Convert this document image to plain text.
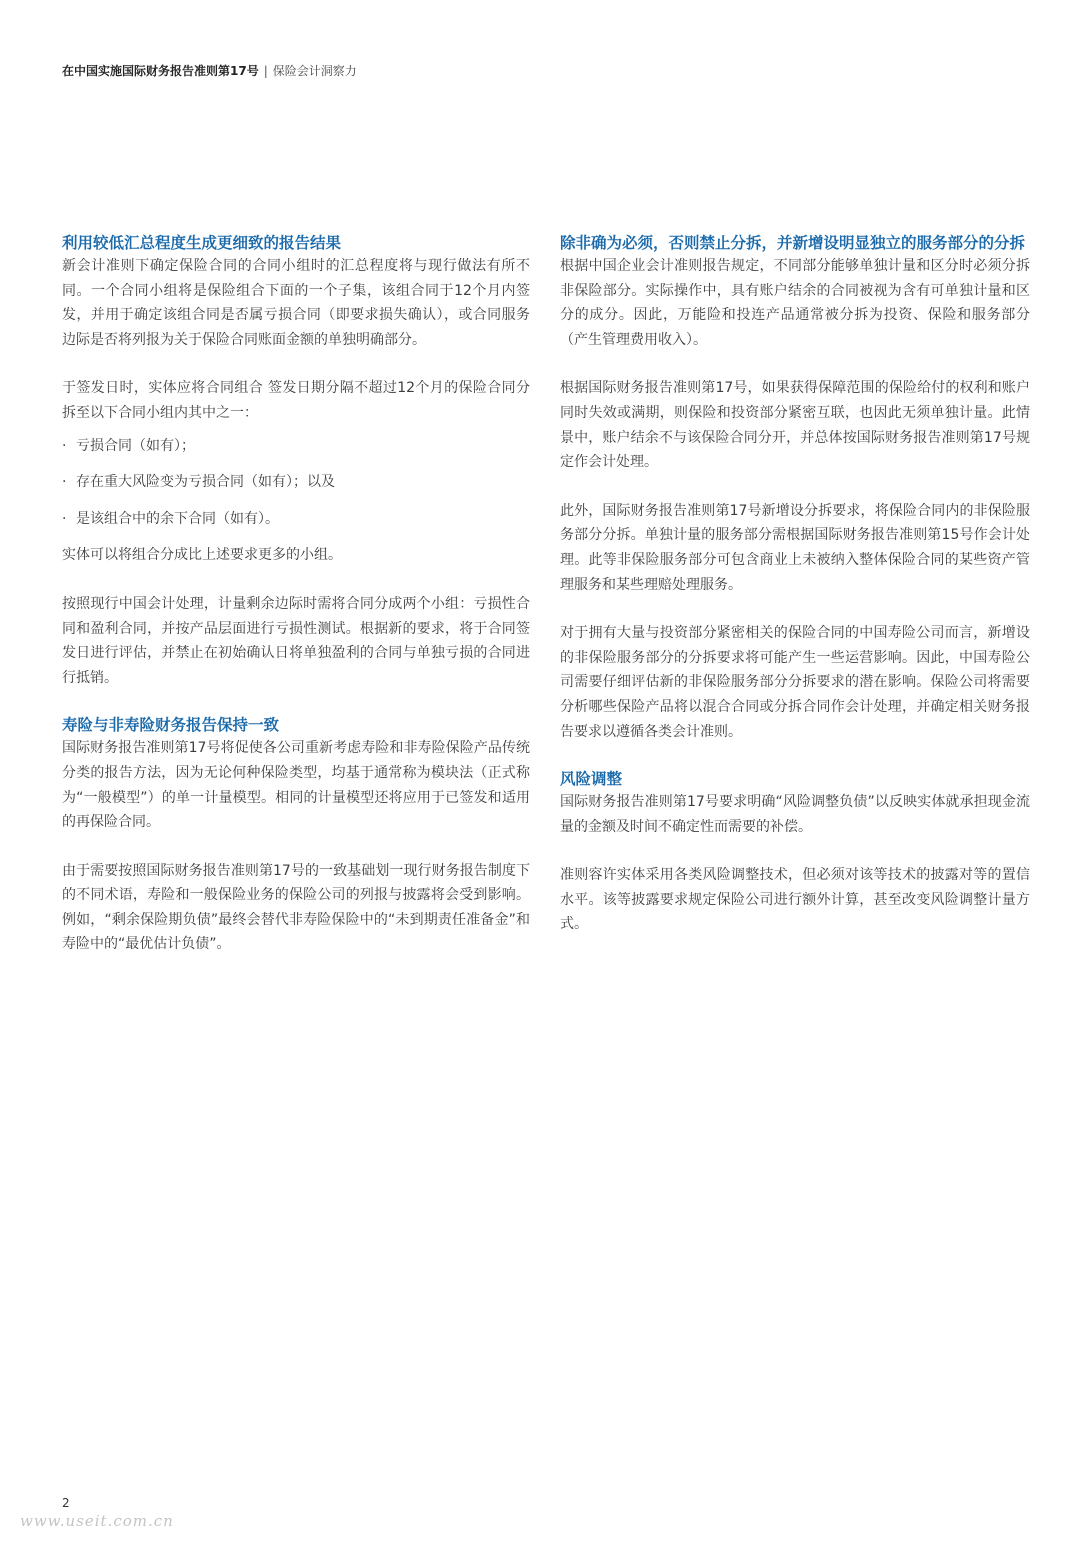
在中国实施国际财务报告准则第17号 | 保险会计洞察力
利用较低汇总程度生成更细致的报告结果

新会计准则下确定保险合同的合同小组时的汇总程度将与现行做法有所不同。一个合同小组将是保险组合下面的一个子集，该组合同于12个月内签发，并用于确定该组合同是否属亏损合同（即要求损失确认），或合同服务边际是否将列报为关于保险合同账面金额的单独明确部分。

于签发日时，实体应将合同组合 签发日期分隔不超过12个月的保险合同分拆至以下合同小组内其中之一：

· 亏损合同（如有）；
· 存在重大风险变为亏损合同（如有）；以及
· 是该组合中的余下合同（如有）。

实体可以将组合分成比上述要求更多的小组。

按照现行中国会计处理，计量剩余边际时需将合同分成两个小组：亏损性合同和盈利合同，并按产品层面进行亏损性测试。根据新的要求，将于合同签发日进行评估，并禁止在初始确认日将单独盈利的合同与单独亏损的合同进行抵销。

寿险与非寿险财务报告保持一致

国际财务报告准则第17号将促使各公司重新考虑寿险和非寿险保险产品传统分类的报告方法，因为无论何种保险类型，均基于通常称为模块法（正式称为“一般模型”）的单一计量模型。相同的计量模型还将应用于已签发和适用的再保险合同。

由于需要按照国际财务报告准则第17号的一致基础划一现行财务报告制度下的不同术语，寿险和一般保险业务的保险公司的列报与披露将会受到影响。例如，“剩余保险期负债”最终会替代非寿险保险中的“未到期责任准备金”和寿险中的“最优估计负债”。

除非确为必须，否则禁止分拆，并新增设明显独立的服务部分的分拆

根据中国企业会计准则报告规定，不同部分能够单独计量和区分时必须分拆非保险部分。实际操作中，具有账户结余的合同被视为含有可单独计量和区分的成分。因此，万能险和投连产品通常被分拆为投资、保险和服务部分（产生管理费用收入）。

根据国际财务报告准则第17号，如果获得保障范围的保险给付的权利和账户同时失效或满期，则保险和投资部分紧密互联，也因此无须单独计量。此情景中，账户结余不与该保险合同分开，并总体按国际财务报告准则第17号规定作会计处理。

此外，国际财务报告准则第17号新增设分拆要求，将保险合同内的非保险服务部分分拆。单独计量的服务部分需根据国际财务报告准则第15号作会计处理。此等非保险服务部分可包含商业上未被纳入整体保险合同的某些资产管理服务和某些理赔处理服务。

对于拥有大量与投资部分紧密相关的保险合同的中国寿险公司而言，新增设的非保险服务部分的分拆要求将可能产生一些运营影响。因此，中国寿险公司需要仔细评估新的非保险服务部分分拆要求的潜在影响。保险公司将需要分析哪些保险产品将以混合合同或分拆合同作会计处理，并确定相关财务报告要求以遵循各类会计准则。

风险调整

国际财务报告准则第17号要求明确“风险调整负债”以反映实体就承担现金流量的金额及时间不确定性而需要的补偿。

准则容许实体采用各类风险调整技术，但必须对该等技术的披露对等的置信水平。该等披露要求规定保险公司进行额外计算，甚至改变风险调整计量方式。

2
www.useit.com.cn
